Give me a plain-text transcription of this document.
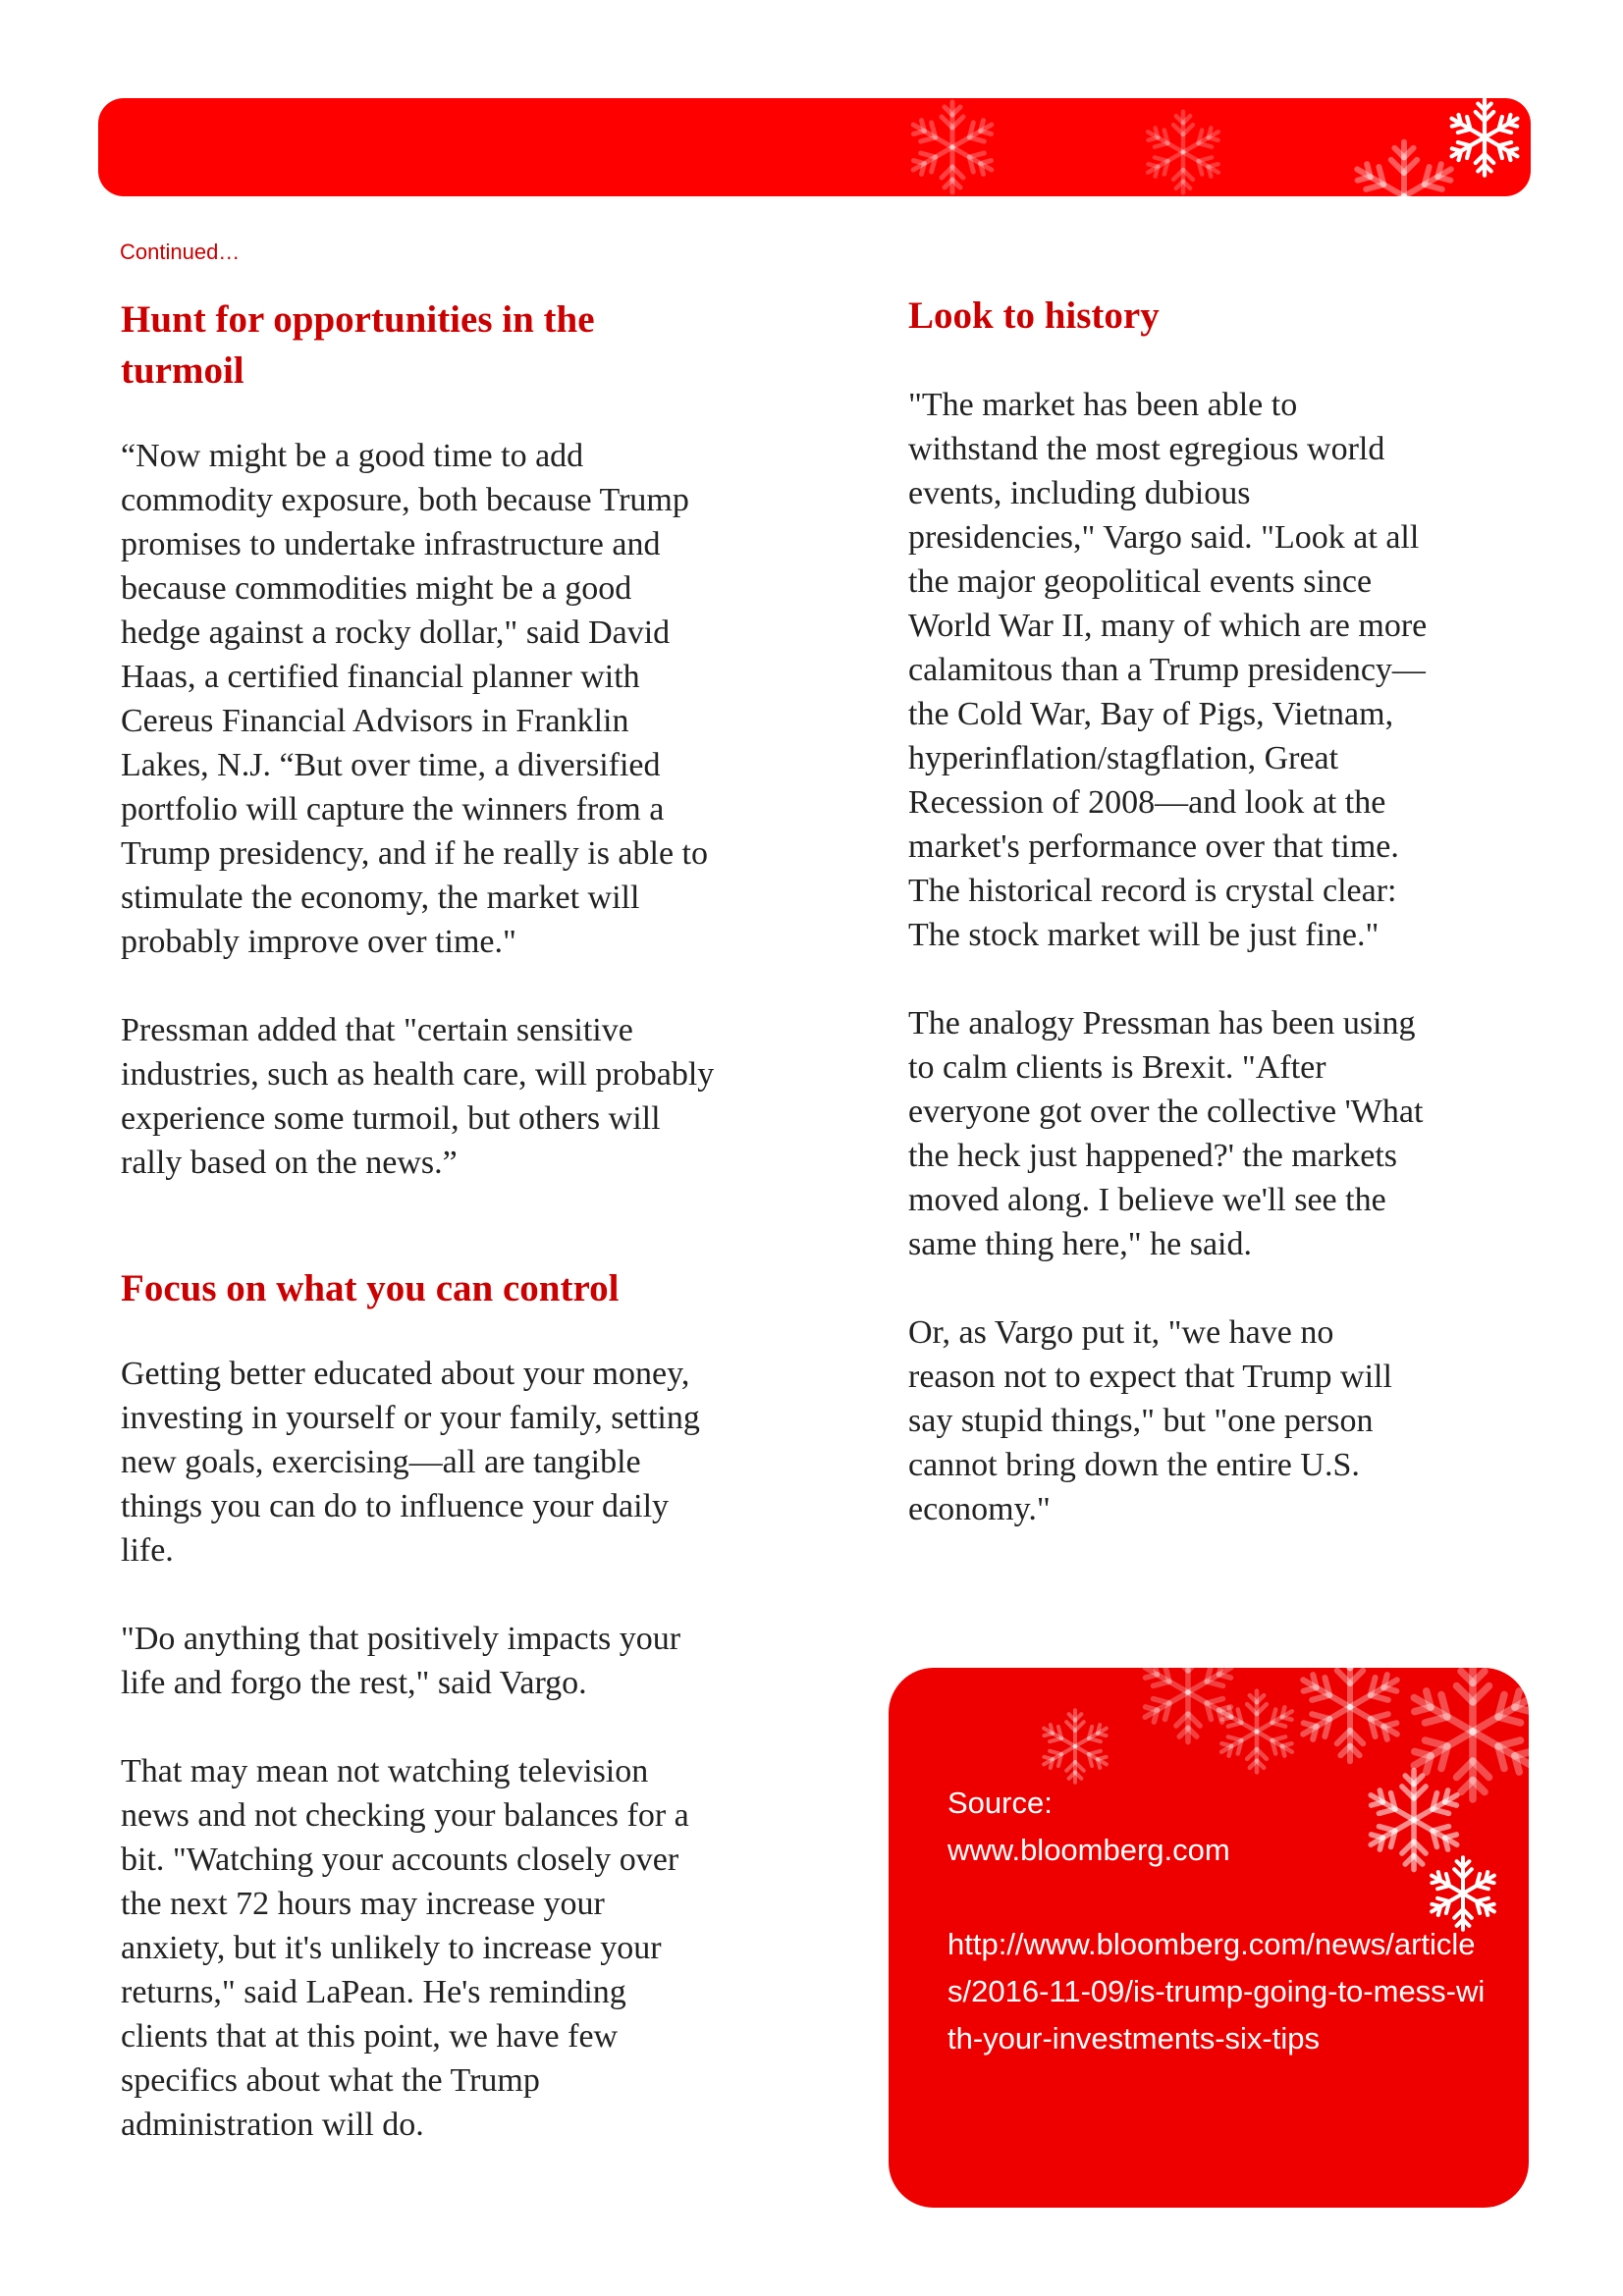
Continued…
Hunt for opportunities in the
turmoil

“Now might be a good time to add
commodity exposure, both because Trump
promises to undertake infrastructure and
because commodities might be a good
hedge against a rocky dollar," said David
Haas, a certified financial planner with
Cereus Financial Advisors in Franklin
Lakes, N.J. “But over time, a diversified
portfolio will capture the winners from a
Trump presidency, and if he really is able to
stimulate the economy, the market will
probably improve over time."

Pressman added that "certain sensitive
industries, such as health care, will probably
experience some turmoil, but others will
rally based on the news.”

Focus on what you can control

Getting better educated about your money,
investing in yourself or your family, setting
new goals, exercising—all are tangible
things you can do to influence your daily
life.

"Do anything that positively impacts your
life and forgo the rest," said Vargo.

That may mean not watching television
news and not checking your balances for a
bit. "Watching your accounts closely over
the next 72 hours may increase your
anxiety, but it's unlikely to increase your
returns," said LaPean. He's reminding
clients that at this point, we have few
specifics about what the Trump
administration will do.

Look to history

"The market has been able to
withstand the most egregious world
events, including dubious
presidencies," Vargo said. "Look at all
the major geopolitical events since
World War II, many of which are more
calamitous than a Trump presidency—
the Cold War, Bay of Pigs, Vietnam,
hyperinflation/stagflation, Great
Recession of 2008—and look at the
market's performance over that time.
The historical record is crystal clear:
The stock market will be just fine."

The analogy Pressman has been using
to calm clients is Brexit. "After
everyone got over the collective 'What
the heck just happened?' the markets
moved along. I believe we'll see the
same thing here," he said.

Or, as Vargo put it, "we have no
reason not to expect that Trump will
say stupid things," but "one person
cannot bring down the entire U.S.
economy."

Source:
www.bloomberg.com
http://www.bloomberg.com/news/articles/2016-11-09/is-trump-going-to-mess-with-your-investments-six-tips
